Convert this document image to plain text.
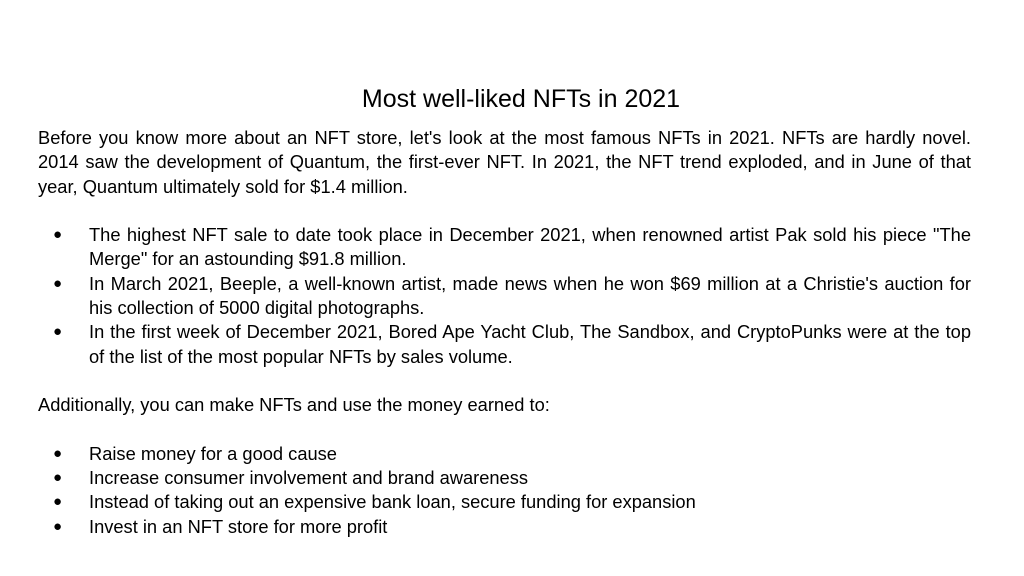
Most well-liked NFTs in 2021

Before you know more about an NFT store, let's look at the most famous NFTs in 2021. NFTs are hardly novel. 2014 saw the development of Quantum, the first-ever NFT. In 2021, the NFT trend exploded, and in June of that year, Quantum ultimately sold for $1.4 million.

● The highest NFT sale to date took place in December 2021, when renowned artist Pak sold his piece "The Merge" for an astounding $91.8 million.
● In March 2021, Beeple, a well-known artist, made news when he won $69 million at a Christie's auction for his collection of 5000 digital photographs.
● In the first week of December 2021, Bored Ape Yacht Club, The Sandbox, and CryptoPunks were at the top of the list of the most popular NFTs by sales volume.

Additionally, you can make NFTs and use the money earned to:

● Raise money for a good cause
● Increase consumer involvement and brand awareness
● Instead of taking out an expensive bank loan, secure funding for expansion
● Invest in an NFT store for more profit
